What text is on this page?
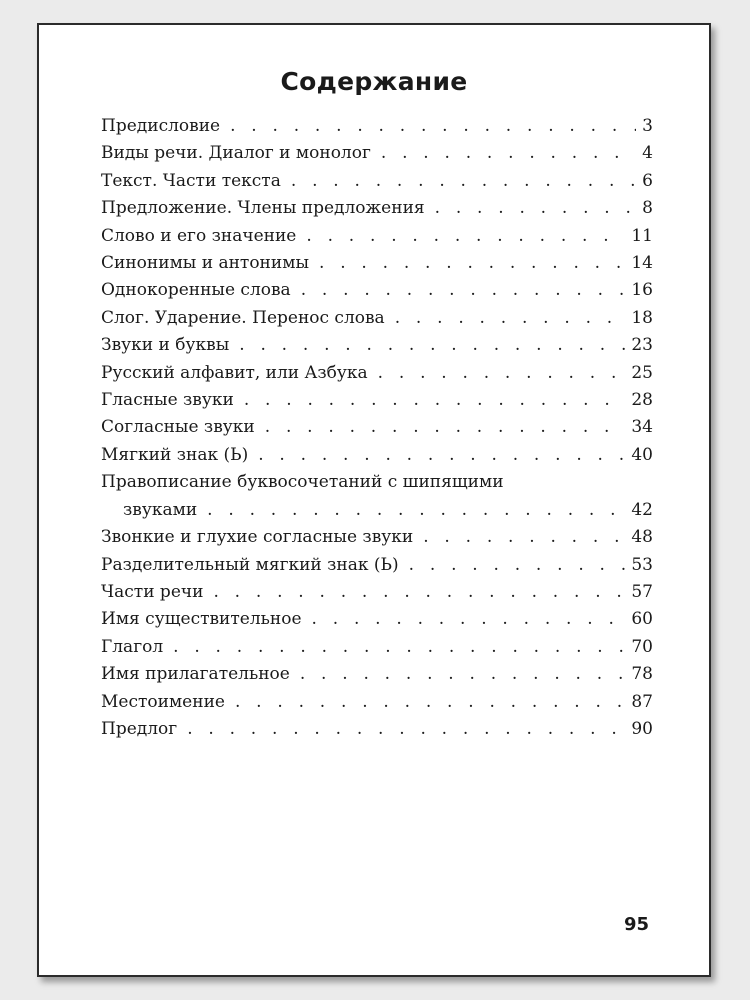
Содержание
Предисловие . . .	3
Виды речи. Диалог и монолог . . .	4
Текст. Части текста . . .	6
Предложение. Члены предложения . . .	8
Слово и его значение . . .	11
Синонимы и антонимы . . .	14
Однокоренные слова . . .	16
Слог. Ударение. Перенос слова . . .	18
Звуки и буквы . . .	23
Русский алфавит, или Азбука . . .	25
Гласные звуки . . .	28
Согласные звуки . . .	34
Мягкий знак (Ь) . . .	40
Правописание буквосочетаний с шипящими
звуками . . .	42
Звонкие и глухие согласные звуки . . .	48
Разделительный мягкий знак (Ь) . . .	53
Части речи . . .	57
Имя существительное . . .	60
Глагол . . .	70
Имя прилагательное . . .	78
Местоимение . . .	87
Предлог . . .	90
95
